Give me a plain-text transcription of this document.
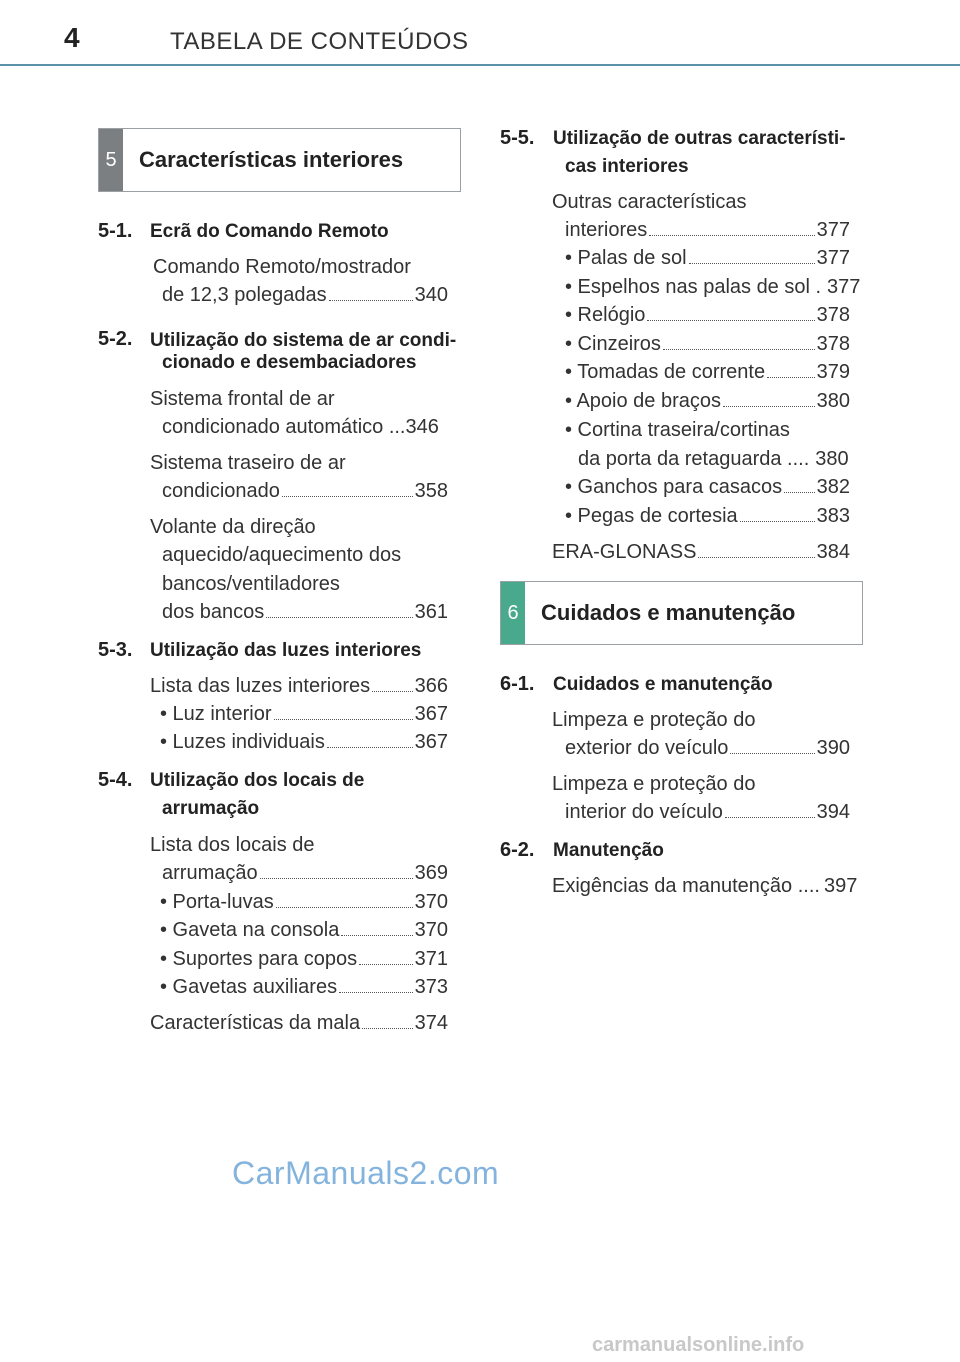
4	TABELA DE CONTEÚDOS
5 Características interiores
5-1. Ecrã do Comando Remoto
Comando Remoto/mostrador
de 12,3 polegadas	340
5-2. Utilização do sistema de ar condi-
cionado e desembaciadores
Sistema frontal de ar
condicionado automático ... 346
Sistema traseiro de ar
condicionado	358
Volante da direção
aquecido/aquecimento dos
bancos/ventiladores
dos bancos	361
5-3. Utilização das luzes interiores
Lista das luzes interiores 366
• Luz interior	367
• Luzes individuais	367
5-4. Utilização dos locais de
arrumação
Lista dos locais de
arrumação	369
• Porta-luvas	370
• Gaveta na consola	370
• Suportes para copos	371
• Gavetas auxiliares	373
Características da mala	374
5-5. Utilização de outras característi-
cas interiores
Outras características
interiores	377
• Palas de sol	377
• Espelhos nas palas de sol . 377
• Relógio	378
• Cinzeiros	378
• Tomadas de corrente	379
• Apoio de braços	380
• Cortina traseira/cortinas
da porta da retaguarda .... 380
• Ganchos para casacos 382
• Pegas de cortesia	383
ERA-GLONASS	384
6 Cuidados e manutenção
6-1. Cuidados e manutenção
Limpeza e proteção do
exterior do veículo	390
Limpeza e proteção do
interior do veículo	394
6-2. Manutenção
Exigências da manutenção .... 397
CarManuals2.com
carmanualsonline.info
